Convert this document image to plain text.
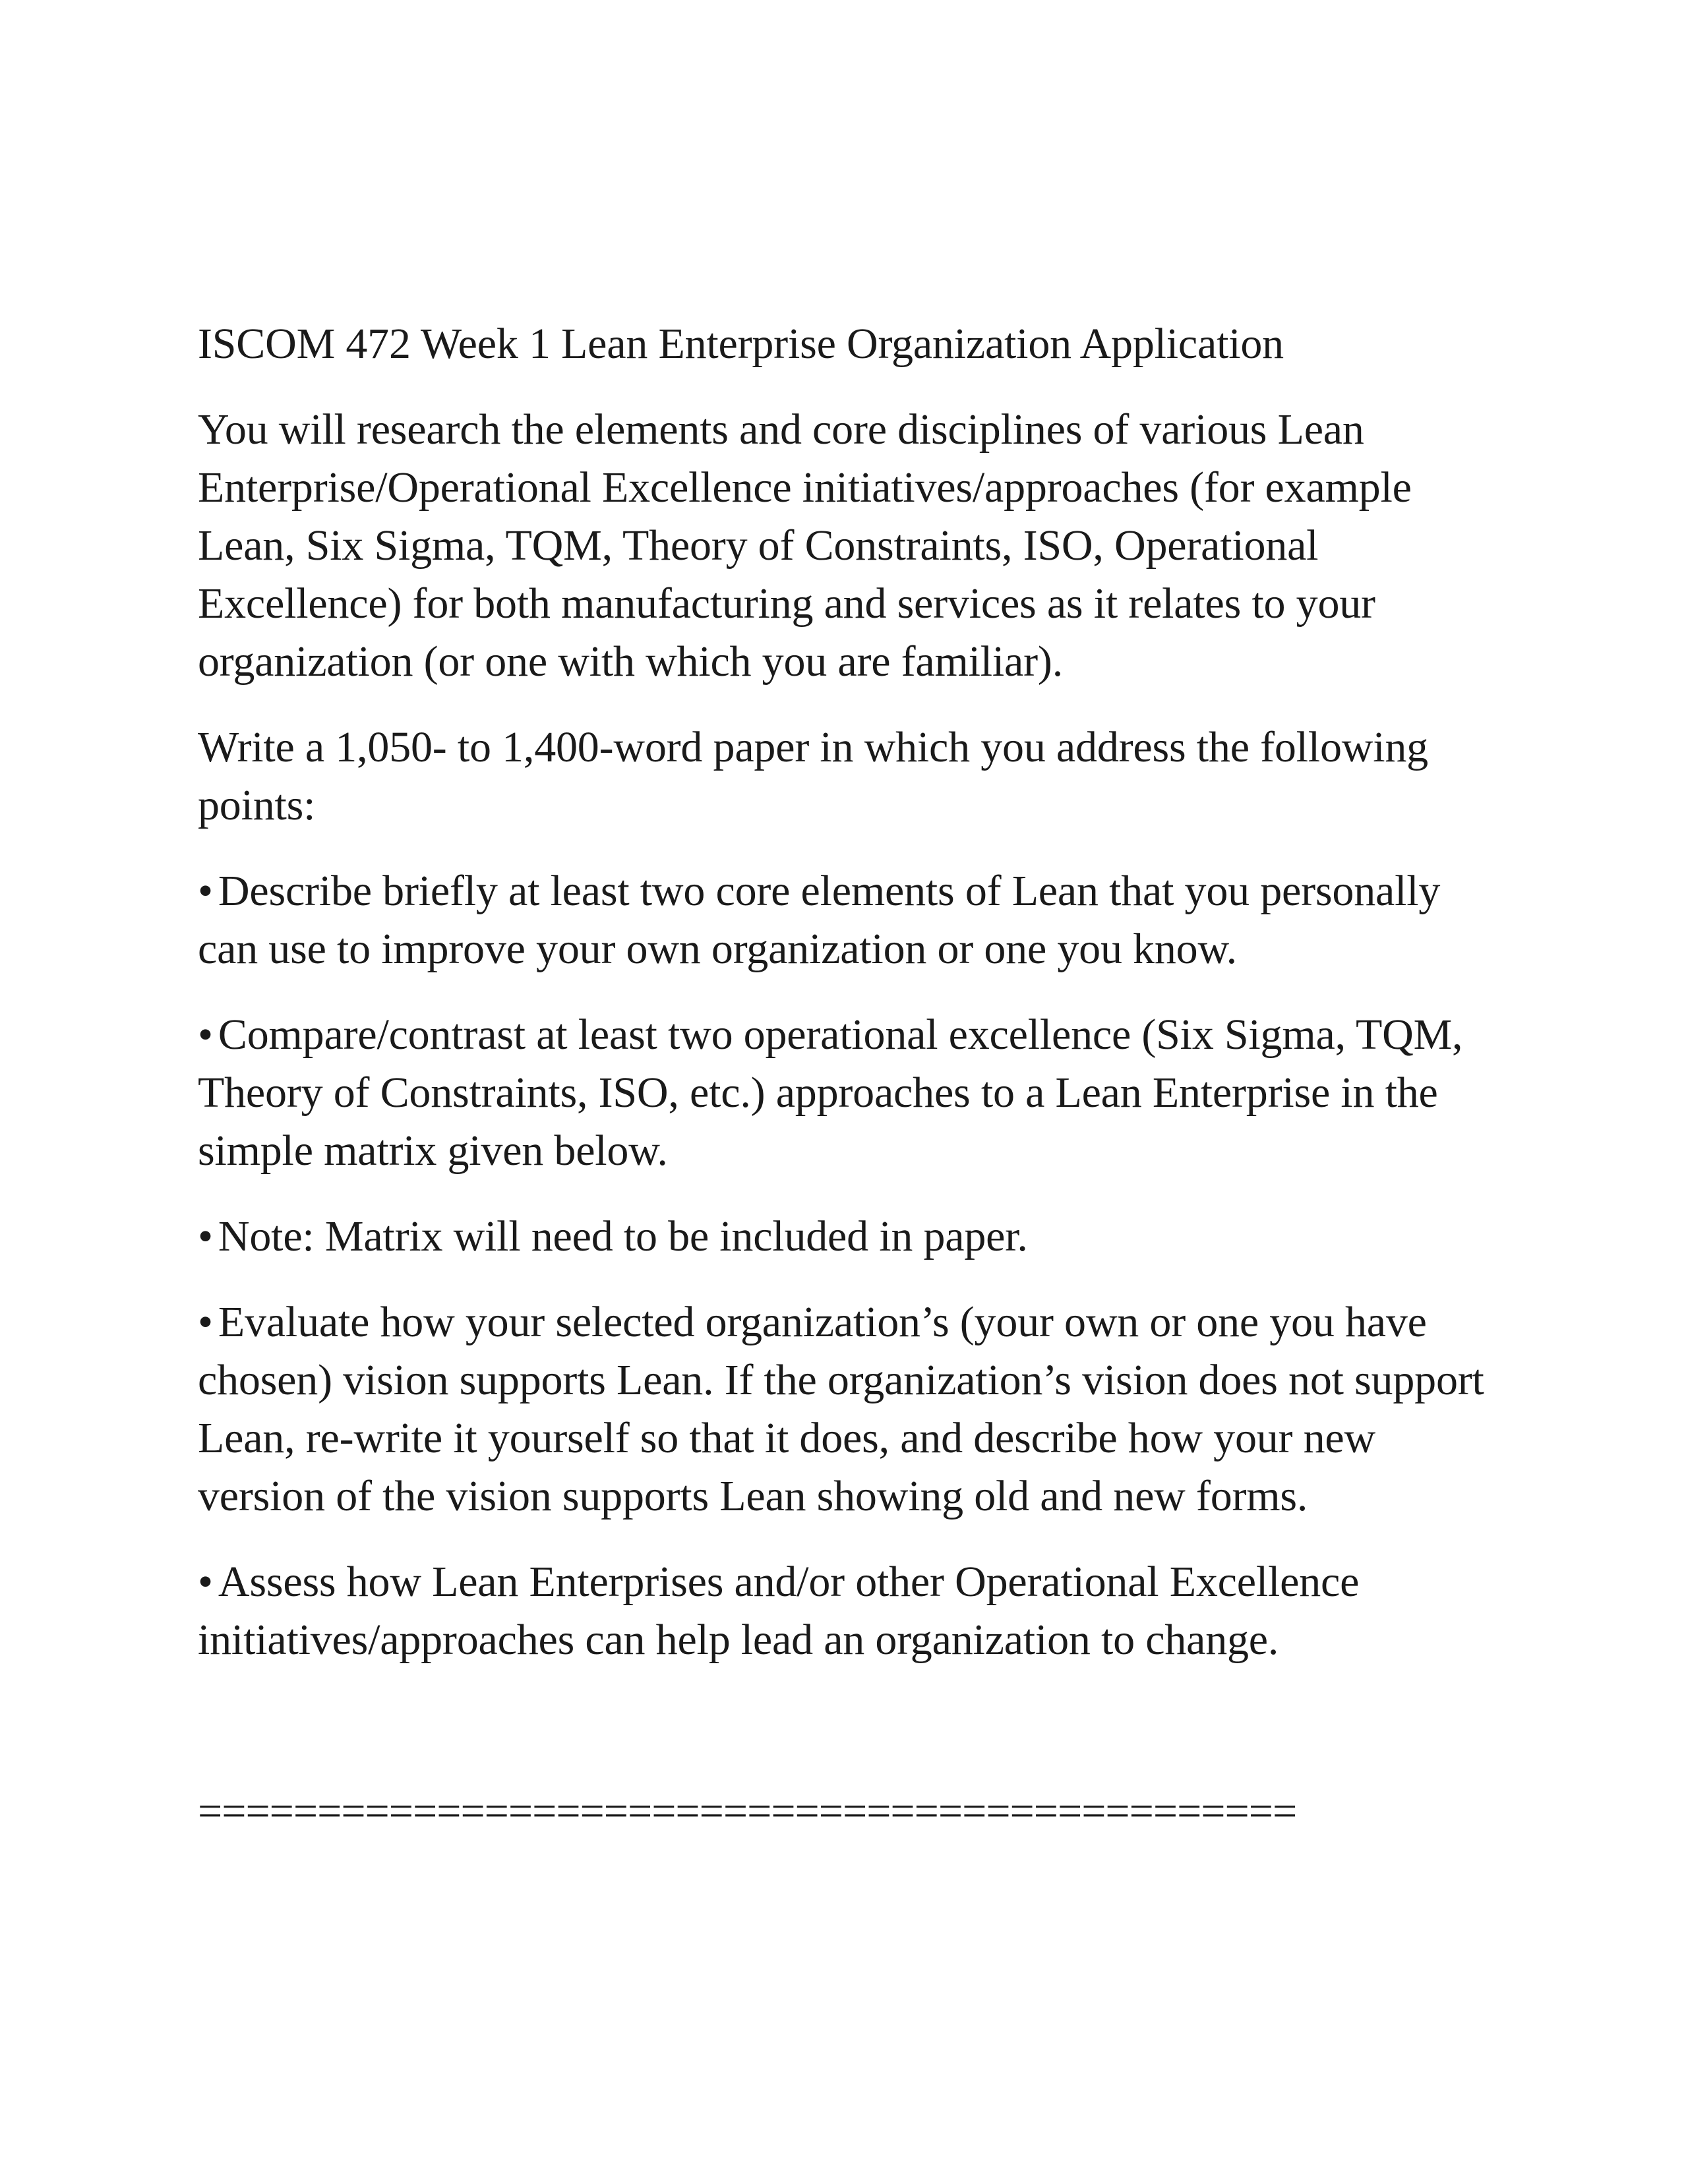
ISCOM 472 Week 1 Lean Enterprise Organization Application

You will research the elements and core disciplines of various Lean Enterprise/Operational Excellence initiatives/approaches (for example Lean, Six Sigma, TQM, Theory of Constraints, ISO, Operational Excellence) for both manufacturing and services as it relates to your organization (or one with which you are familiar).

Write a 1,050- to 1,400-word paper in which you address the following points:

• Describe briefly at least two core elements of Lean that you personally can use to improve your own organization or one you know.

• Compare/contrast at least two operational excellence (Six Sigma, TQM, Theory of Constraints, ISO, etc.) approaches to a Lean Enterprise in the simple matrix given below.

• Note: Matrix will need to be included in paper.

• Evaluate how your selected organization’s (your own or one you have chosen) vision supports Lean. If the organization’s vision does not support Lean, re-write it yourself so that it does, and describe how your new version of the vision supports Lean showing old and new forms.

• Assess how Lean Enterprises and/or other Operational Excellence initiatives/approaches can help lead an organization to change.

==============================================
